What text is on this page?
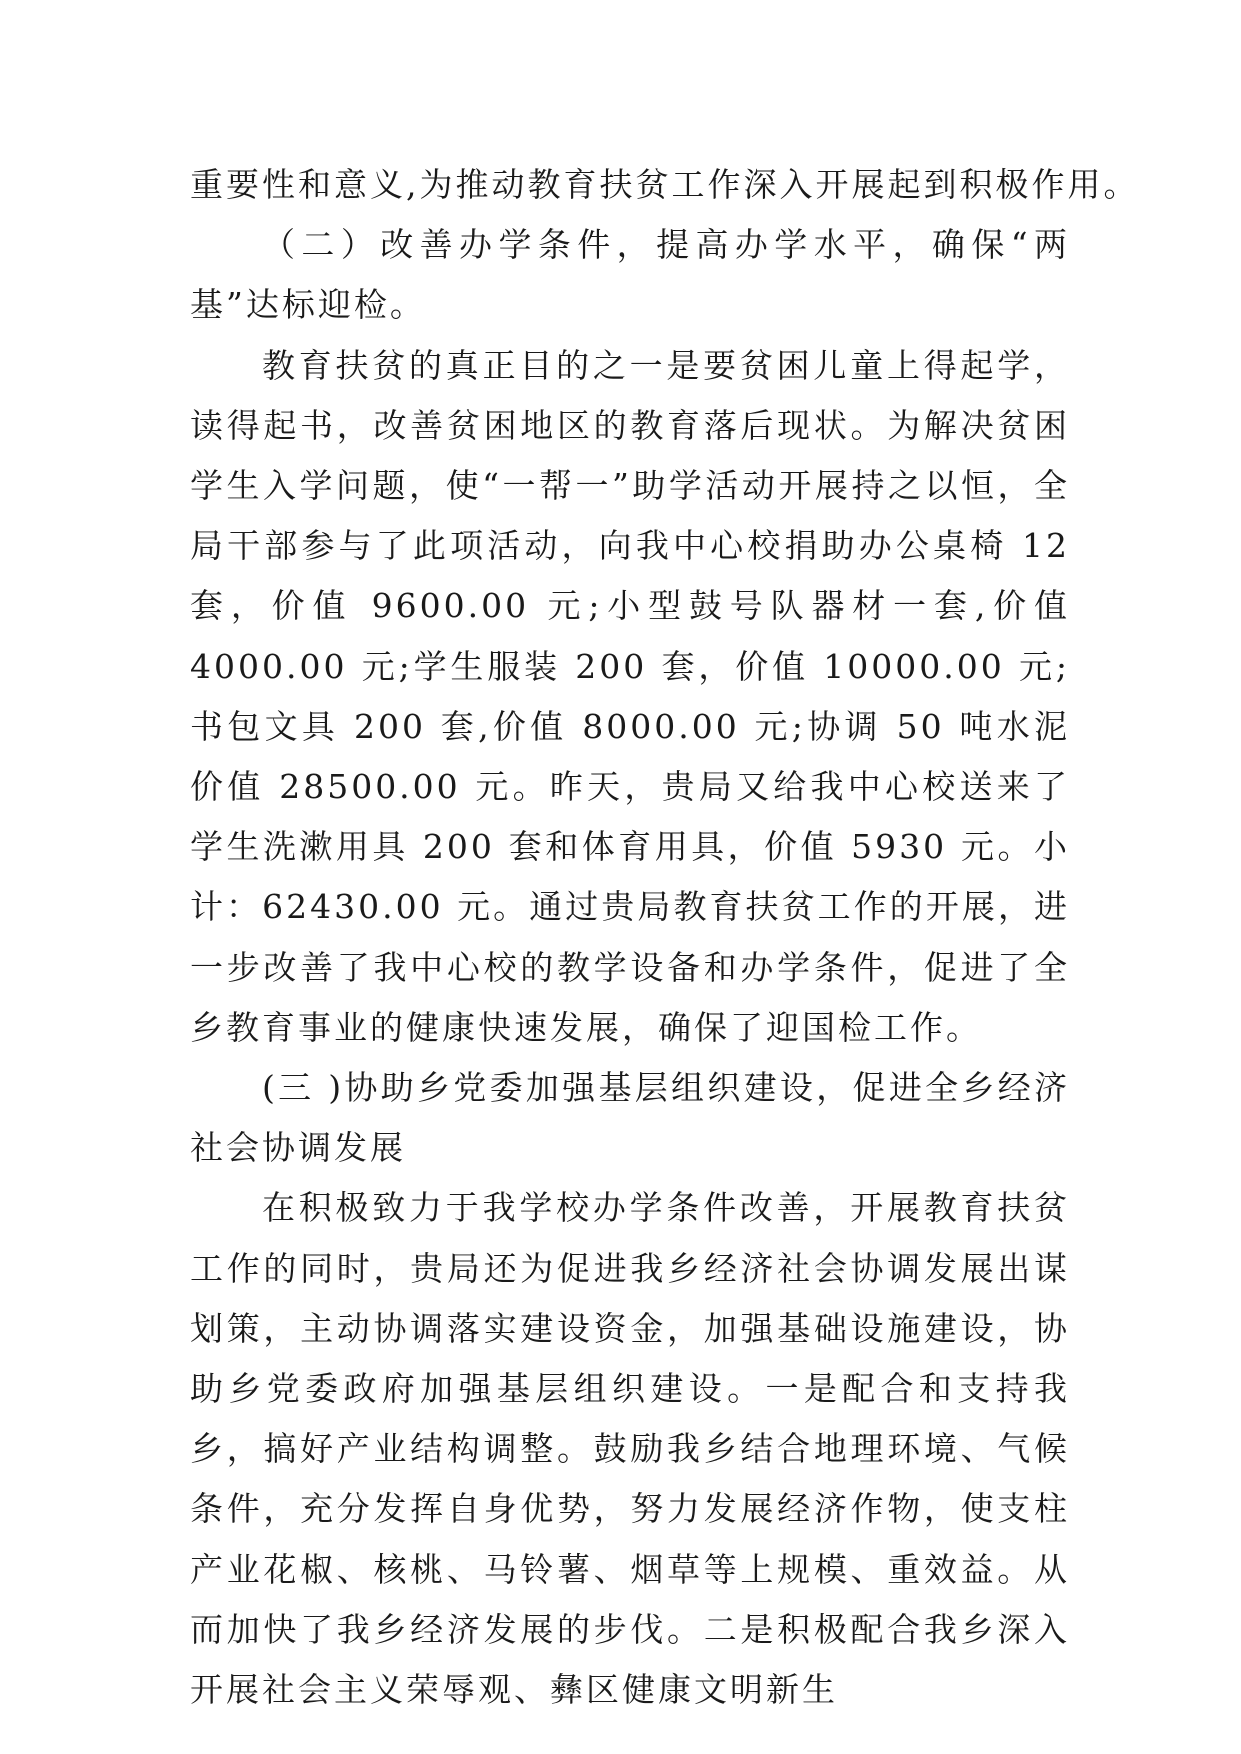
重要性和意义,为推动教育扶贫工作深入开展起到积极作用。

（二）改善办学条件，提高办学水平，确保“两基”达标迎检。

教育扶贫的真正目的之一是要贫困儿童上得起学，读得起书，改善贫困地区的教育落后现状。为解决贫困学生入学问题，使“一帮一”助学活动开展持之以恒，全局干部参与了此项活动，向我中心校捐助办公桌椅 12 套，价值 9600.00 元;小型鼓号队器材一套,价值 4000.00 元;学生服装 200 套，价值 10000.00 元;书包文具 200 套,价值 8000.00 元;协调 50 吨水泥价值 28500.00 元。昨天，贵局又给我中心校送来了学生洗漱用具 200 套和体育用具，价值 5930 元。小计：62430.00 元。通过贵局教育扶贫工作的开展，进一步改善了我中心校的教学设备和办学条件，促进了全乡教育事业的健康快速发展，确保了迎国检工作。

(三 )协助乡党委加强基层组织建设，促进全乡经济社会协调发展

在积极致力于我学校办学条件改善，开展教育扶贫工作的同时，贵局还为促进我乡经济社会协调发展出谋划策，主动协调落实建设资金，加强基础设施建设，协助乡党委政府加强基层组织建设。一是配合和支持我乡，搞好产业结构调整。鼓励我乡结合地理环境、气候条件，充分发挥自身优势，努力发展经济作物，使支柱产业花椒、核桃、马铃薯、烟草等上规模、重效益。从而加快了我乡经济发展的步伐。二是积极配合我乡深入开展社会主义荣辱观、彝区健康文明新生
